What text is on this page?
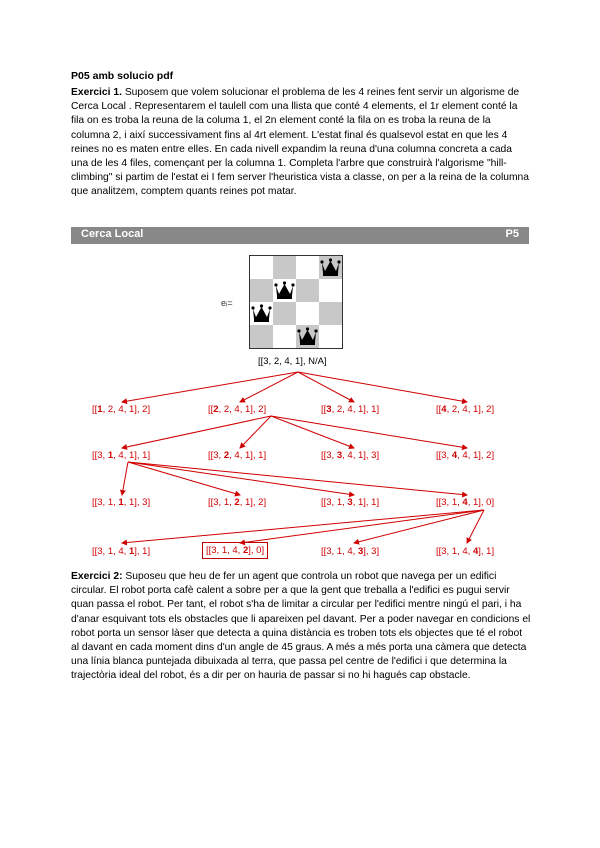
P05 amb solucio pdf
Exercici 1. Suposem que volem solucionar el problema de les 4 reines fent servir un algorisme de Cerca Local . Representarem el taulell com una llista que conté 4 elements, el 1r element conté la fila on es troba la reuna de la columa 1, el 2n element conté la fila on es troba la reuna de la columna 2, i així successivament fins al 4rt element. L'estat final és qualsevol estat en que les 4 reines no es maten entre elles. En cada nivell expandim la reuna d'una columna concreta a cada una de les 4 files, començant per la columna 1. Completa l'arbre que construirà l'algorisme "hill-climbing" si partim de l'estat ei I fem server l'heuristica vista a classe, on per a la reina de la columna que analitzem, comptem quants reines pot matar.
Cerca Local	P5
eᵢ=
[[3, 2, 4, 1], N/A]
[[1, 2, 4, 1], 2]	[[2, 2, 4, 1], 2]	[[3, 2, 4, 1], 1]	[[4, 2, 4, 1], 2]
[[3, 1, 4, 1], 1]	[[3, 2, 4, 1], 1]	[[3, 3, 4, 1], 3]	[[3, 4, 4, 1], 2]
[[3, 1, 1, 1], 3]	[[3, 1, 2, 1], 2]	[[3, 1, 3, 1], 1]	[[3, 1, 4, 1], 0]
[[3, 1, 4, 1], 1]	[[3, 1, 4, 2], 0]	[[3, 1, 4, 3], 3]	[[3, 1, 4, 4], 1]
Exercici 2: Suposeu que heu de fer un agent que controla un robot que navega per un edifici circular. El robot porta cafè calent a sobre per a que la gent que treballa a l'edifici es pugui servir quan passa el robot. Per tant, el robot s'ha de limitar a circular per l'edifici mentre ningú el pari, i ha d'anar esquivant tots els obstacles que li apareixen pel davant. Per a poder navegar en condicions el robot porta un sensor làser que detecta a quina distància es troben tots els objectes que té el robot al davant en cada moment dins d'un angle de 45 graus. A més a més porta una càmera que detecta una línia blanca puntejada dibuixada al terra, que passa pel centre de l'edifici i que determina la trajectòria ideal del robot, és a dir per on hauria de passar si no hi hagués cap obstacle.
